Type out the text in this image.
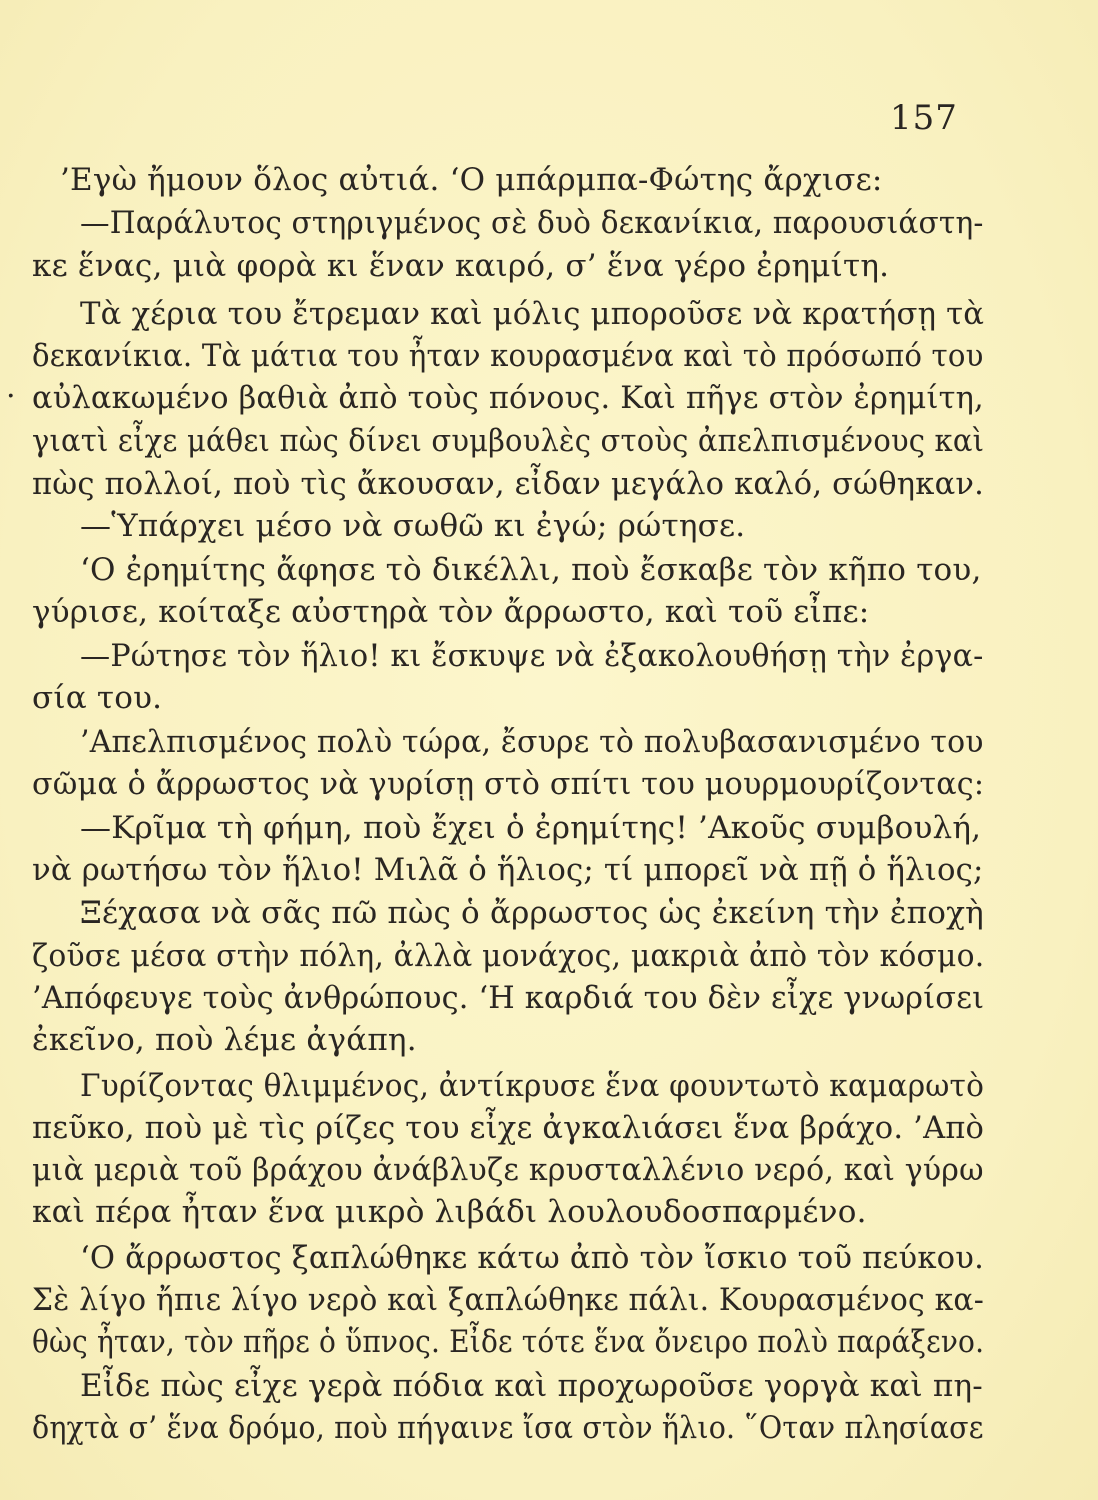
157
.
’Εγὼ ἤμουν ὅλος αὐτιά. ‘Ο μπάρμπα-Φώτης ἄρχισε:
—Παράλυτος στηριγμένος σὲ δυὸ δεκανίκια, παρουσιάστη-
κε ἕνας, μιὰ φορὰ κι ἕναν καιρό, σ’ ἕνα γέρο ἐρημίτη.
Τὰ χέρια του ἔτρεμαν καὶ μόλις μποροῦσε νὰ κρατήσῃ τὰ
δεκανίκια. Τὰ μάτια του ἦταν κουρασμένα καὶ τὸ πρόσωπό του
αὐλακωμένο βαθιὰ ἀπὸ τοὺς πόνους. Καὶ πῆγε στὸν ἐρημίτη,
γιατὶ εἶχε μάθει πὼς δίνει συμβουλὲς στοὺς ἀπελπισμένους καὶ
πὼς πολλοί, ποὺ τὶς ἄκουσαν, εἶδαν μεγάλο καλό, σώθηκαν.
—Ὑπάρχει μέσο νὰ σωθῶ κι ἐγώ; ρώτησε.
‘Ο ἐρημίτης ἄφησε τὸ δικέλλι, ποὺ ἔσκαβε τὸν κῆπο του,
γύρισε, κοίταξε αὐστηρὰ τὸν ἄρρωστο, καὶ τοῦ εἶπε:
—Ρώτησε τὸν ἥλιο! κι ἔσκυψε νὰ ἐξακολουθήσῃ τὴν ἐργα-
σία του.
’Απελπισμένος πολὺ τώρα, ἔσυρε τὸ πολυβασανισμένο του
σῶμα ὁ ἄρρωστος νὰ γυρίσῃ στὸ σπίτι του μουρμουρίζοντας:
—Κρῖμα τὴ φήμη, ποὺ ἔχει ὁ ἐρημίτης! ’Ακοῦς συμβουλή,
νὰ ρωτήσω τὸν ἥλιο! Μιλᾶ ὁ ἥλιος; τί μπορεῖ νὰ πῇ ὁ ἥλιος;
Ξέχασα νὰ σᾶς πῶ πὼς ὁ ἄρρωστος ὡς ἐκείνη τὴν ἐποχὴ
ζοῦσε μέσα στὴν πόλη, ἀλλὰ μονάχος, μακριὰ ἀπὸ τὸν κόσμο.
’Απόφευγε τοὺς ἀνθρώπους. ‘Η καρδιά του δὲν εἶχε γνωρίσει
ἐκεῖνο, ποὺ λέμε ἀγάπη.
Γυρίζοντας θλιμμένος, ἀντίκρυσε ἕνα φουντωτὸ καμαρωτὸ
πεῦκο, ποὺ μὲ τὶς ρίζες του εἶχε ἀγκαλιάσει ἕνα βράχο. ’Απὸ
μιὰ μεριὰ τοῦ βράχου ἀνάβλυζε κρυσταλλένιο νερό, καὶ γύρω
καὶ πέρα ἦταν ἕνα μικρὸ λιβάδι λουλουδοσπαρμένο.
‘Ο ἄρρωστος ξαπλώθηκε κάτω ἀπὸ τὸν ἴσκιο τοῦ πεύκου.
Σὲ λίγο ἤπιε λίγο νερὸ καὶ ξαπλώθηκε πάλι. Κουρασμένος κα-
θὼς ἦταν, τὸν πῆρε ὁ ὕπνος. Εἶδε τότε ἕνα ὄνειρο πολὺ παράξενο.
Εἶδε πὼς εἶχε γερὰ πόδια καὶ προχωροῦσε γοργὰ καὶ πη-
δηχτὰ σ’ ἕνα δρόμο, ποὺ πήγαινε ἴσα στὸν ἥλιο. ῞Οταν πλησίασε
